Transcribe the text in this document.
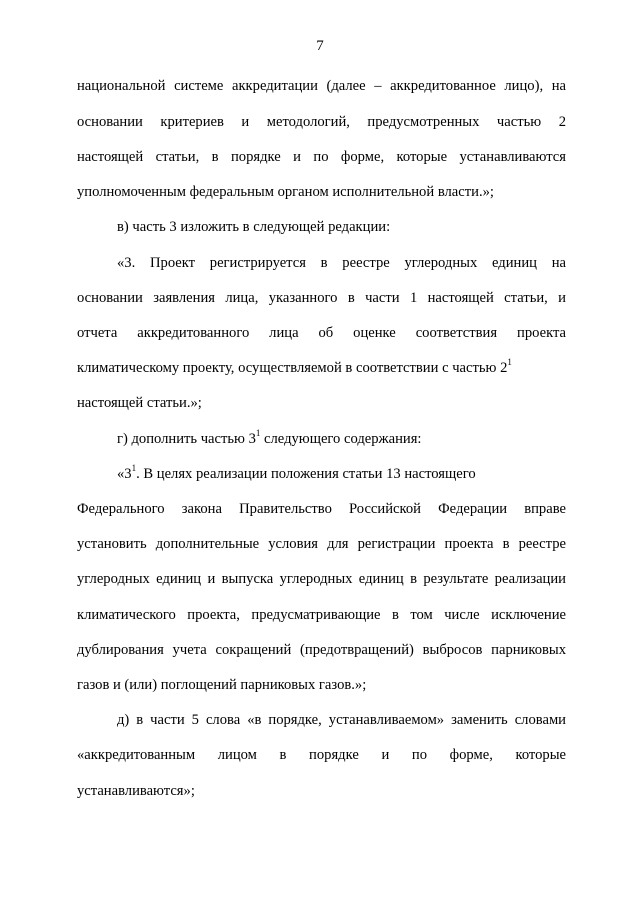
7
национальной системе аккредитации (далее – аккредитованное лицо), на
основании критериев и методологий, предусмотренных частью 2
настоящей статьи, в порядке и по форме, которые устанавливаются
уполномоченным федеральным органом исполнительной власти.»;
в) часть 3 изложить в следующей редакции:
«3. Проект регистрируется в реестре углеродных единиц на
основании заявления лица, указанного в части 1 настоящей статьи, и
отчета аккредитованного лица об оценке соответствия проекта
климатическому проекту, осуществляемой в соответствии с частью $2^1$
настоящей статьи.»;
г) дополнить частью $3^1$ следующего содержания:
«$3^1$. В целях реализации положения статьи 13 настоящего
Федерального закона Правительство Российской Федерации вправе
установить дополнительные условия для регистрации проекта в реестре
углеродных единиц и выпуска углеродных единиц в результате реализации
климатического проекта, предусматривающие в том числе исключение
дублирования учета сокращений (предотвращений) выбросов парниковых
газов и (или) поглощений парниковых газов.»;
д) в части 5 слова «в порядке, устанавливаемом» заменить словами
«аккредитованным лицом в порядке и по форме, которые
устанавливаются»;
